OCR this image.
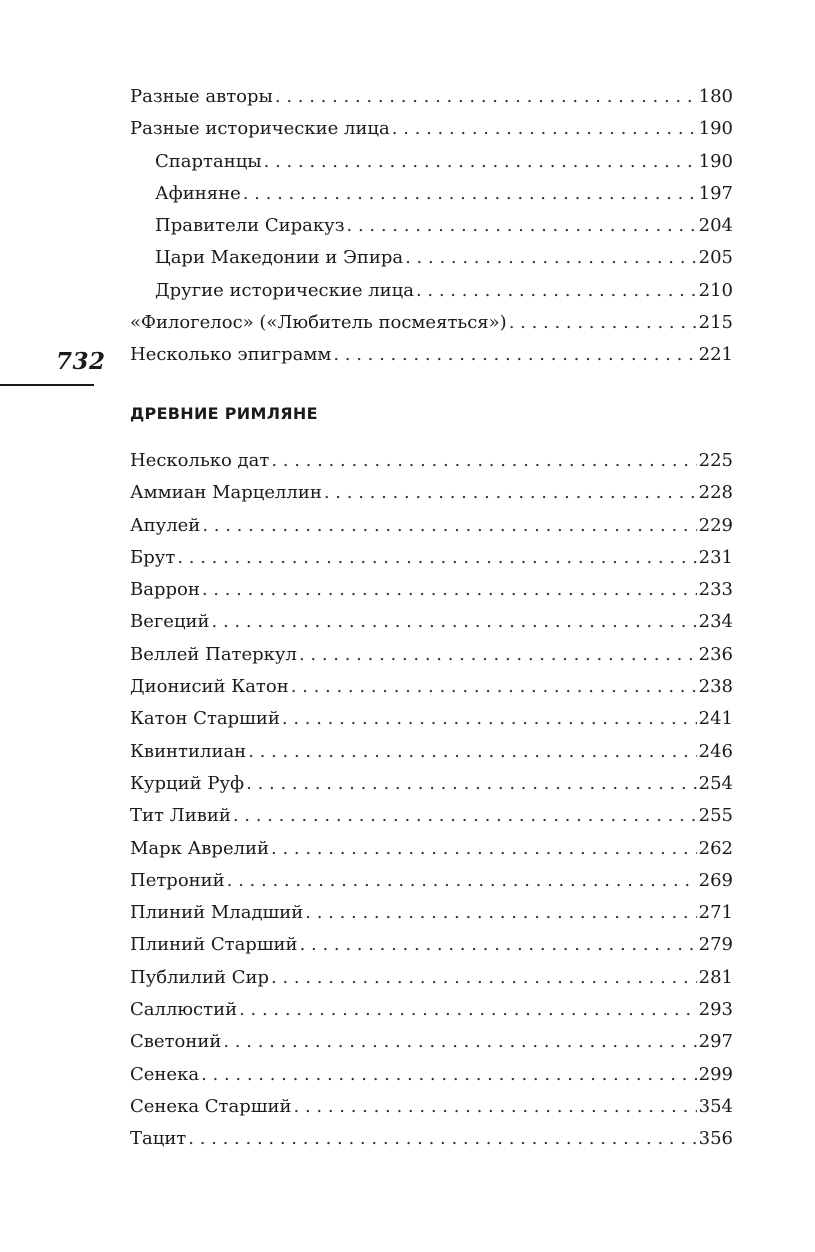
732
Разные авторы . . .	180
Разные исторические лица . . .	190
Спартанцы . . .	190
Афиняне . . .	197
Правители Сиракуз . . .	204
Цари Македонии и Эпира . . .	205
Другие исторические лица . . .	210
«Филогелос» («Любитель посмеяться») . . .	215
Несколько эпиграмм . . .	221
ДРЕВНИЕ РИМЛЯНЕ
Несколько дат . . .	225
Аммиан Марцеллин . . .	228
Апулей . . .	229
Брут . . .	231
Варрон . . .	233
Вегеций . . .	234
Веллей Патеркул . . .	236
Дионисий Катон . . .	238
Катон Старший . . .	241
Квинтилиан . . .	246
Курций Руф . . .	254
Тит Ливий . . .	255
Марк Аврелий . . .	262
Петроний . . .	269
Плиний Младший . . .	271
Плиний Старший . . .	279
Публилий Сир . . .	281
Саллюстий . . .	293
Светоний . . .	297
Сенека . . .	299
Сенека Старший . . .	354
Тацит . . .	356
